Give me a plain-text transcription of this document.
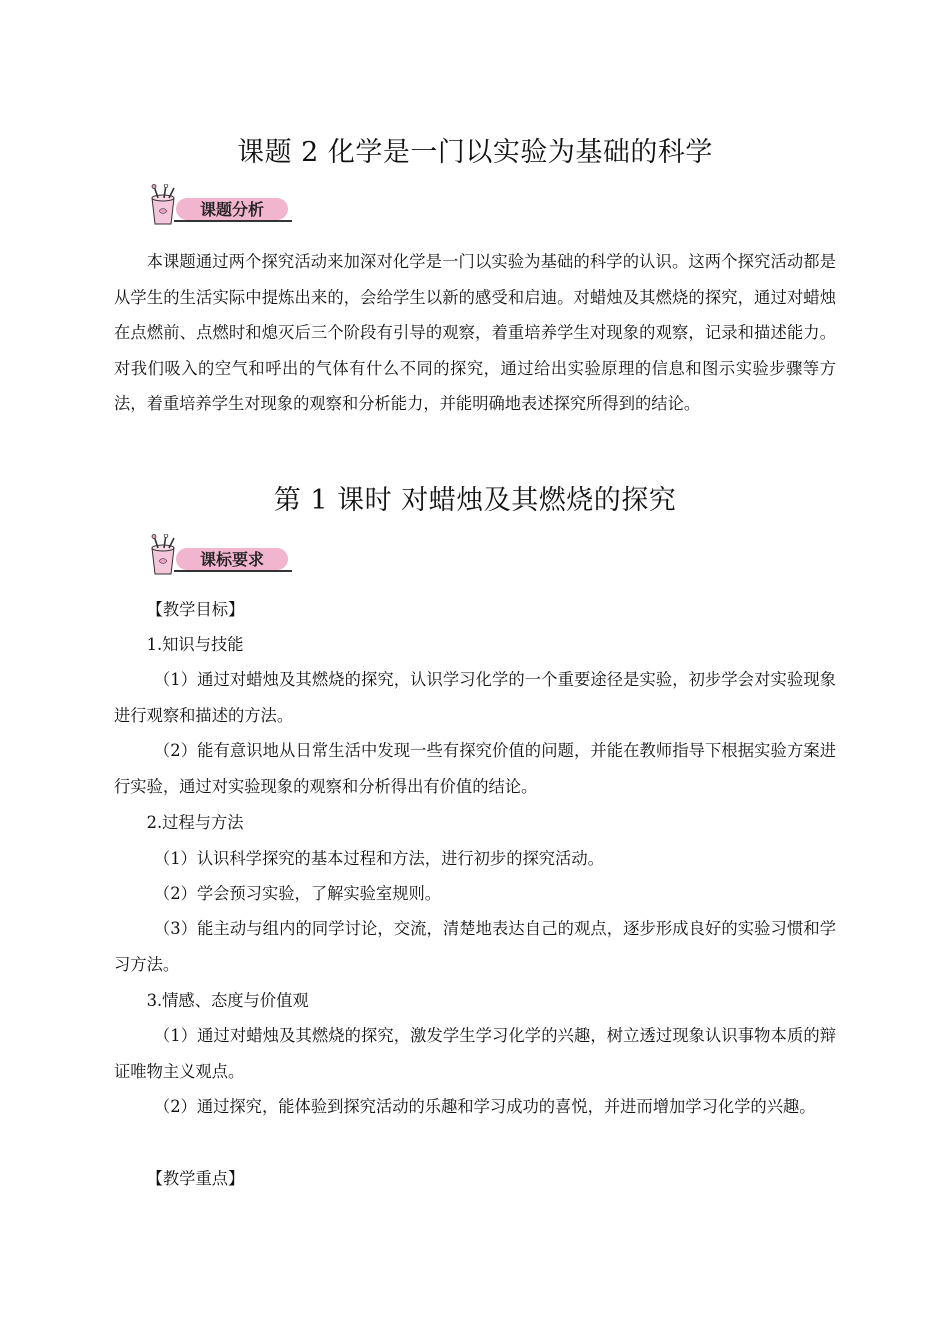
课题 2 化学是一门以实验为基础的科学
课题分析
本课题通过两个探究活动来加深对化学是一门以实验为基础的科学的认识。这两个探究活动都是从学生的生活实际中提炼出来的，会给学生以新的感受和启迪。对蜡烛及其燃烧的探究，通过对蜡烛在点燃前、点燃时和熄灭后三个阶段有引导的观察，着重培养学生对现象的观察，记录和描述能力。对我们吸入的空气和呼出的气体有什么不同的探究，通过给出实验原理的信息和图示实验步骤等方法，着重培养学生对现象的观察和分析能力，并能明确地表述探究所得到的结论。
第 1 课时 对蜡烛及其燃烧的探究
课标要求
【教学目标】
1.知识与技能
（1）通过对蜡烛及其燃烧的探究，认识学习化学的一个重要途径是实验，初步学会对实验现象进行观察和描述的方法。
（2）能有意识地从日常生活中发现一些有探究价值的问题，并能在教师指导下根据实验方案进行实验，通过对实验现象的观察和分析得出有价值的结论。
2.过程与方法
（1）认识科学探究的基本过程和方法，进行初步的探究活动。
（2）学会预习实验，了解实验室规则。
（3）能主动与组内的同学讨论，交流，清楚地表达自己的观点，逐步形成良好的实验习惯和学习方法。
3.情感、态度与价值观
（1）通过对蜡烛及其燃烧的探究，激发学生学习化学的兴趣，树立透过现象认识事物本质的辩证唯物主义观点。
（2）通过探究，能体验到探究活动的乐趣和学习成功的喜悦，并进而增加学习化学的兴趣。
【教学重点】
